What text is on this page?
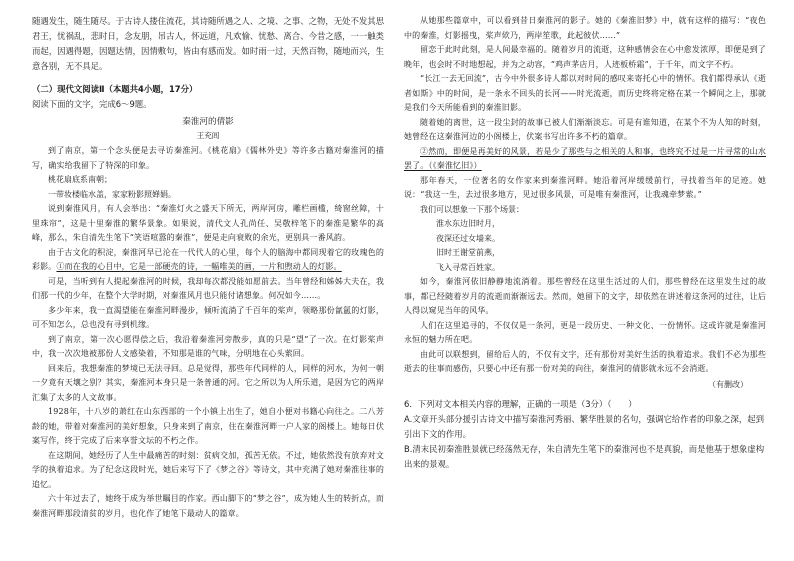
随遇发生，随生随尽。于古诗人搂住流花，其诗随所遇之人、之境、之事、之物，无处不发其思君王，忧祸乱，悲时日，念友朋，吊古人，怀远道，凡欢愉、忧愁、离合、今昔之感，一一触类而起，因遇得题，因题达情，因情敷句，皆由有感而发。如时雨一过，天然百物，随地而兴，生意各别，无不具足。

（二）现代文阅读Ⅱ（本题共4小题，17分）

阅读下面的文字，完成6～9题。

秦淮河的倩影

王充闾

到了南京，第一个念头便是去寻访秦淮河。《桃花扇》《儒林外史》等许多古籍对秦淮河的描写，确实给我留下了特深的印象。

桃花扇底系南朝；

一带妆楼临水盖，家家粉影照婵娟。

说到秦淮风月，有人会举出：“秦淮灯火之盛天下所无，两岸河房，雕栏画槛，绮窗丝障，十里珠帘”，这是十里秦淮的繁华景象。如果说，清代文人孔尚任、吴敬梓笔下的秦淮是繁华的高峰，那么，朱自清先生笔下“笑语喧嚣的秦淮”，便是走向衰败的余光，更别具一番风韵。

由于古文化的积淀，秦淮河早已沦在一代代人的心里，每个人的脑海中都同现着它的玫瑰色的彩影。①而在我的心目中，它是一部硬壳的诗，一幅唯美的画，一片和煦动人的灯影。

可是，当听到有人提起秦淮河的时候，我却每次都没能如愿前去。当年曾经和姊姊大夫在，我们那一代的少年，在整个大学时期，对秦淮风月也只能付诸想象。何况如今……。

多少年来，我一直渴望能在秦淮河畔漫步，倾听流淌了千百年的桨声，领略那份氤氲的灯影，可不知怎么，总也没有寻到机缘。

到了南京，第一次心愿得偿之后，我沿着秦淮河旁散步，真的只是“望”了一次。在灯影桨声中，我一次次地被那份人文感染着，不知那是谁的气味，分明地在心头萦回。

回来后，我想秦淮的梦境已无法寻回。总是觉得，那些年代同样的人，同样的河水，为何一朝一夕竟有天壤之别？其实，秦淮河本身只是一条普通的河。它之所以为人所乐道，是因为它的两岸汇集了太多的人文故事。

1928年，十八岁的萧红在山东西部的一个小镇上出生了，她自小便对书籍心向往之。二八芳龄的她，带着对秦淮河的美好想象，只身来到了南京，住在秦淮河畔一户人家的阁楼上。她每日伏案写作，终于完成了后来享誉文坛的不朽之作。

在这期间，她经历了人生中最痛苦的时刻：贫病交加，孤苦无依。不过，她依然没有放弃对文学的执着追求。为了纪念这段时光，她后来写下了《梦之谷》等诗文，其中充满了她对秦淮往事的追忆。

六十年过去了，她终于成为举世瞩目的作家。西山脚下的“梦之谷”，成为她人生的转折点，而秦淮河畔那段清贫的岁月，也化作了她笔下最动人的篇章。

从她那些篇章中，可以看到昔日秦淮河的影子。她的《秦淮旧梦》中，就有这样的描写：“夜色中的秦淮，灯影摇曳，桨声欸乃，两岸笙歌，此起彼伏……”

留恋于此时此刻，是人间最幸福的。随着岁月的流逝，这种感情会在心中愈发浓厚，即便是到了晚年，也会时不时地想起，并为之动容，“鸡声茅店月，人迹板桥霜”，于千年，而文字不朽。

“长江一去无回流”，古今中外很多诗人都以对时间的感叹来寄托心中的情怀。我们都得承认《逝者如斯》中的时间，是一条永不回头的长河——时光流逝，而历史终将定格在某一个瞬间之上，那就是我们今天所能看到的秦淮旧影。

随着她的离世，这一段尘封的故事已被人们渐渐淡忘。可是有谁知道，在某个不为人知的时刻，她曾经在这秦淮河边的小阁楼上，伏案书写出许多不朽的篇章。

②然而，即便是再美好的风景，若是少了那些与之相关的人和事，也终究不过是一片寻常的山水罢了。（《秦淮忆旧》）

那年春天，一位著名的女作家来到秦淮河畔。她沿着河岸缓缓前行，寻找着当年的足迹。她说：“我这一生，去过很多地方，见过很多风景，可是唯有秦淮河，让我魂牵梦萦。”

我们可以想象一下那个场景：

淮水东边旧时月，

夜深还过女墙来。

旧时王谢堂前燕，

飞入寻常百姓家。

如今，秦淮河依旧静静地流淌着。那些曾经在这里生活过的人们，那些曾经在这里发生过的故事，都已经随着岁月的流逝而渐渐远去。然而，她留下的文字，却依然在讲述着这条河的过往，让后人得以窥见当年的风华。

人们在这里追寻的，不仅仅是一条河，更是一段历史、一种文化、一份情怀。这或许就是秦淮河永恒的魅力所在吧。

由此可以联想到，留给后人的，不仅有文字，还有那份对美好生活的执着追求。我们不必为那些逝去的往事而感伤，只要心中还有那一份对美的向往，秦淮河的倩影就永远不会消逝。

（有删改）

6．下列对文本相关内容的理解，正确的一项是（3分）（　　）

A.文章开头部分援引古诗文中描写秦淮河秀丽、繁华胜景的名句，强调它给作者的印象之深，起到引出下文的作用。

B.清末民初秦淮胜景就已经荡然无存，朱自清先生笔下的秦淮河也不是真貌，而是他基于想象虚构出来的景观。
